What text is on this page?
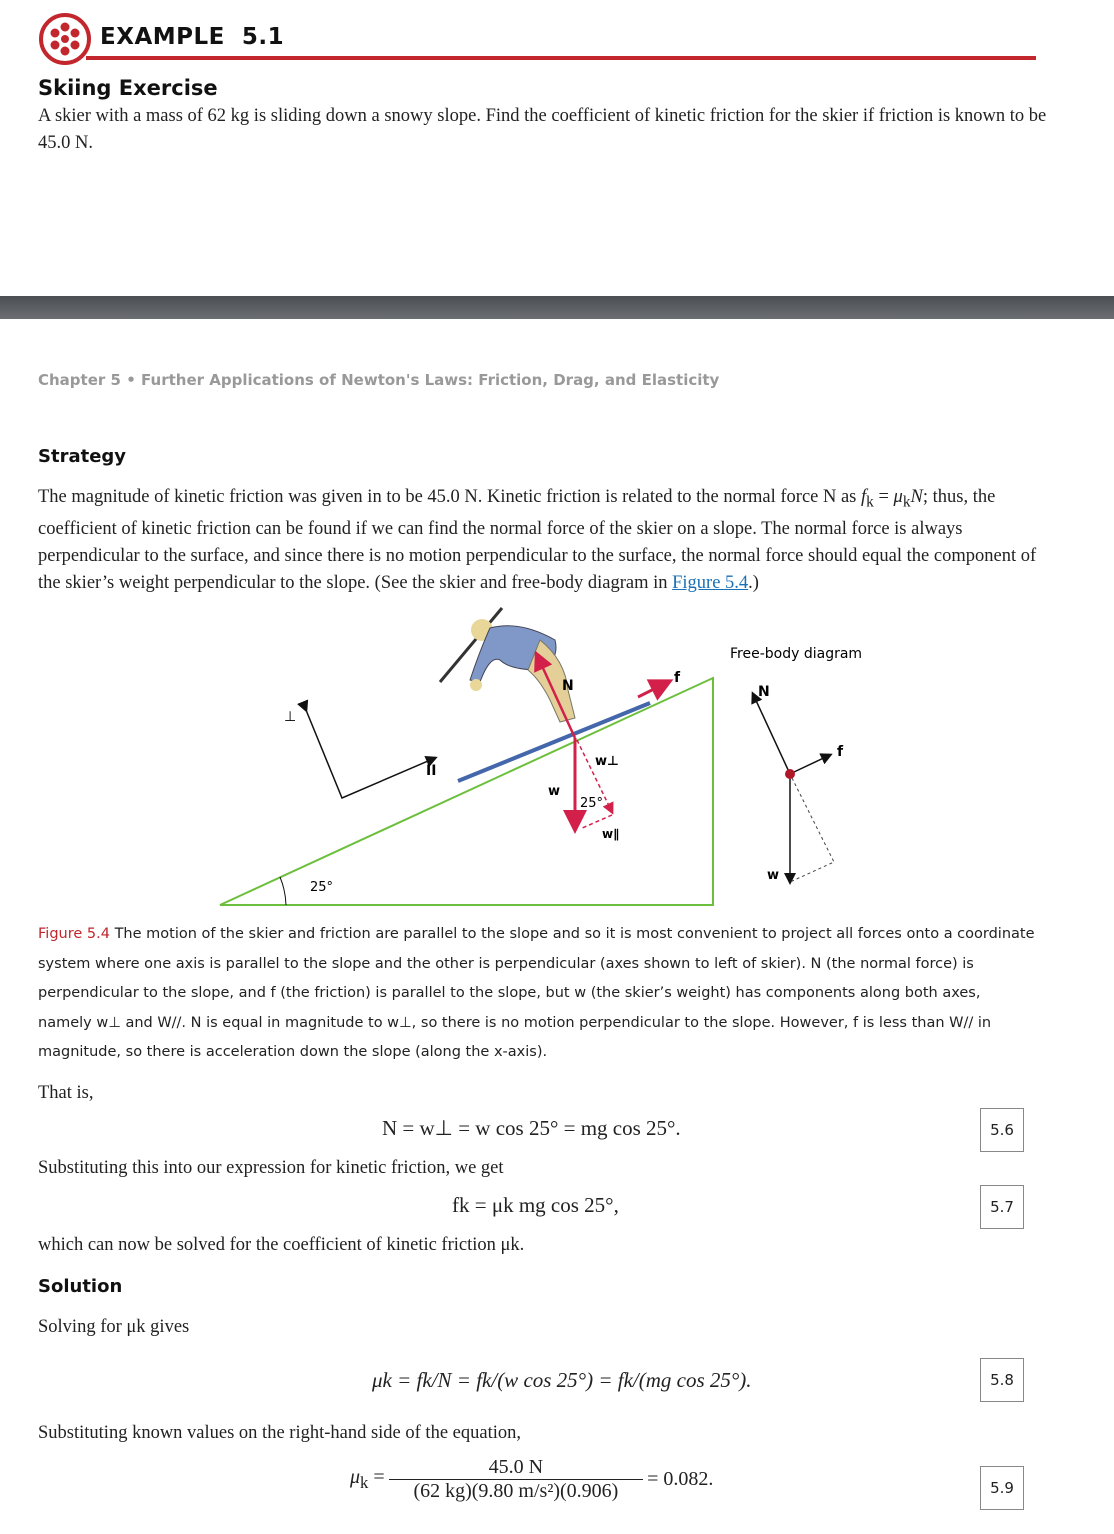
EXAMPLE 5.1
Skiing Exercise
A skier with a mass of 62 kg is sliding down a snowy slope. Find the coefficient of kinetic friction for the skier if friction is known to be 45.0 N.
Chapter 5 • Further Applications of Newton's Laws: Friction, Drag, and Elasticity
Strategy
The magnitude of kinetic friction was given in to be 45.0 N. Kinetic friction is related to the normal force N as $f_k = \mu_kN$; thus, the coefficient of kinetic friction can be found if we can find the normal force of the skier on a slope. The normal force is always perpendicular to the surface, and since there is no motion perpendicular to the surface, the normal force should equal the component of the skier’s weight perpendicular to the slope. (See the skier and free-body diagram in Figure 5.4.)
25°
⊥
II
N	f
w
w⊥
25°
w∥
Free-body diagram
N
f
w
Figure 5.4 The motion of the skier and friction are parallel to the slope and so it is most convenient to project all forces onto a coordinate system where one axis is parallel to the slope and the other is perpendicular (axes shown to left of skier). N (the normal force) is perpendicular to the slope, and f (the friction) is parallel to the slope, but w (the skier’s weight) has components along both axes, namely w⊥ and W//. N is equal in magnitude to w⊥, so there is no motion perpendicular to the slope. However, f is less than W// in magnitude, so there is acceleration down the slope (along the x-axis).
That is,
N = w⊥ = w cos 25° = mg cos 25°.	5.6
Substituting this into our expression for kinetic friction, we get
fk = μk mg cos 25°,	5.7
which can now be solved for the coefficient of kinetic friction μk.
Solution
Solving for μk gives
μk = fk/N = fk/(w cos 25°) = fk/(mg cos 25°).	5.8
Substituting known values on the right-hand side of the equation,
$\mu_k = \frac{45.0 N}{\text{(62 kg)(9.80 m/s²)(0.906)}} = 0.082$.	5.9
